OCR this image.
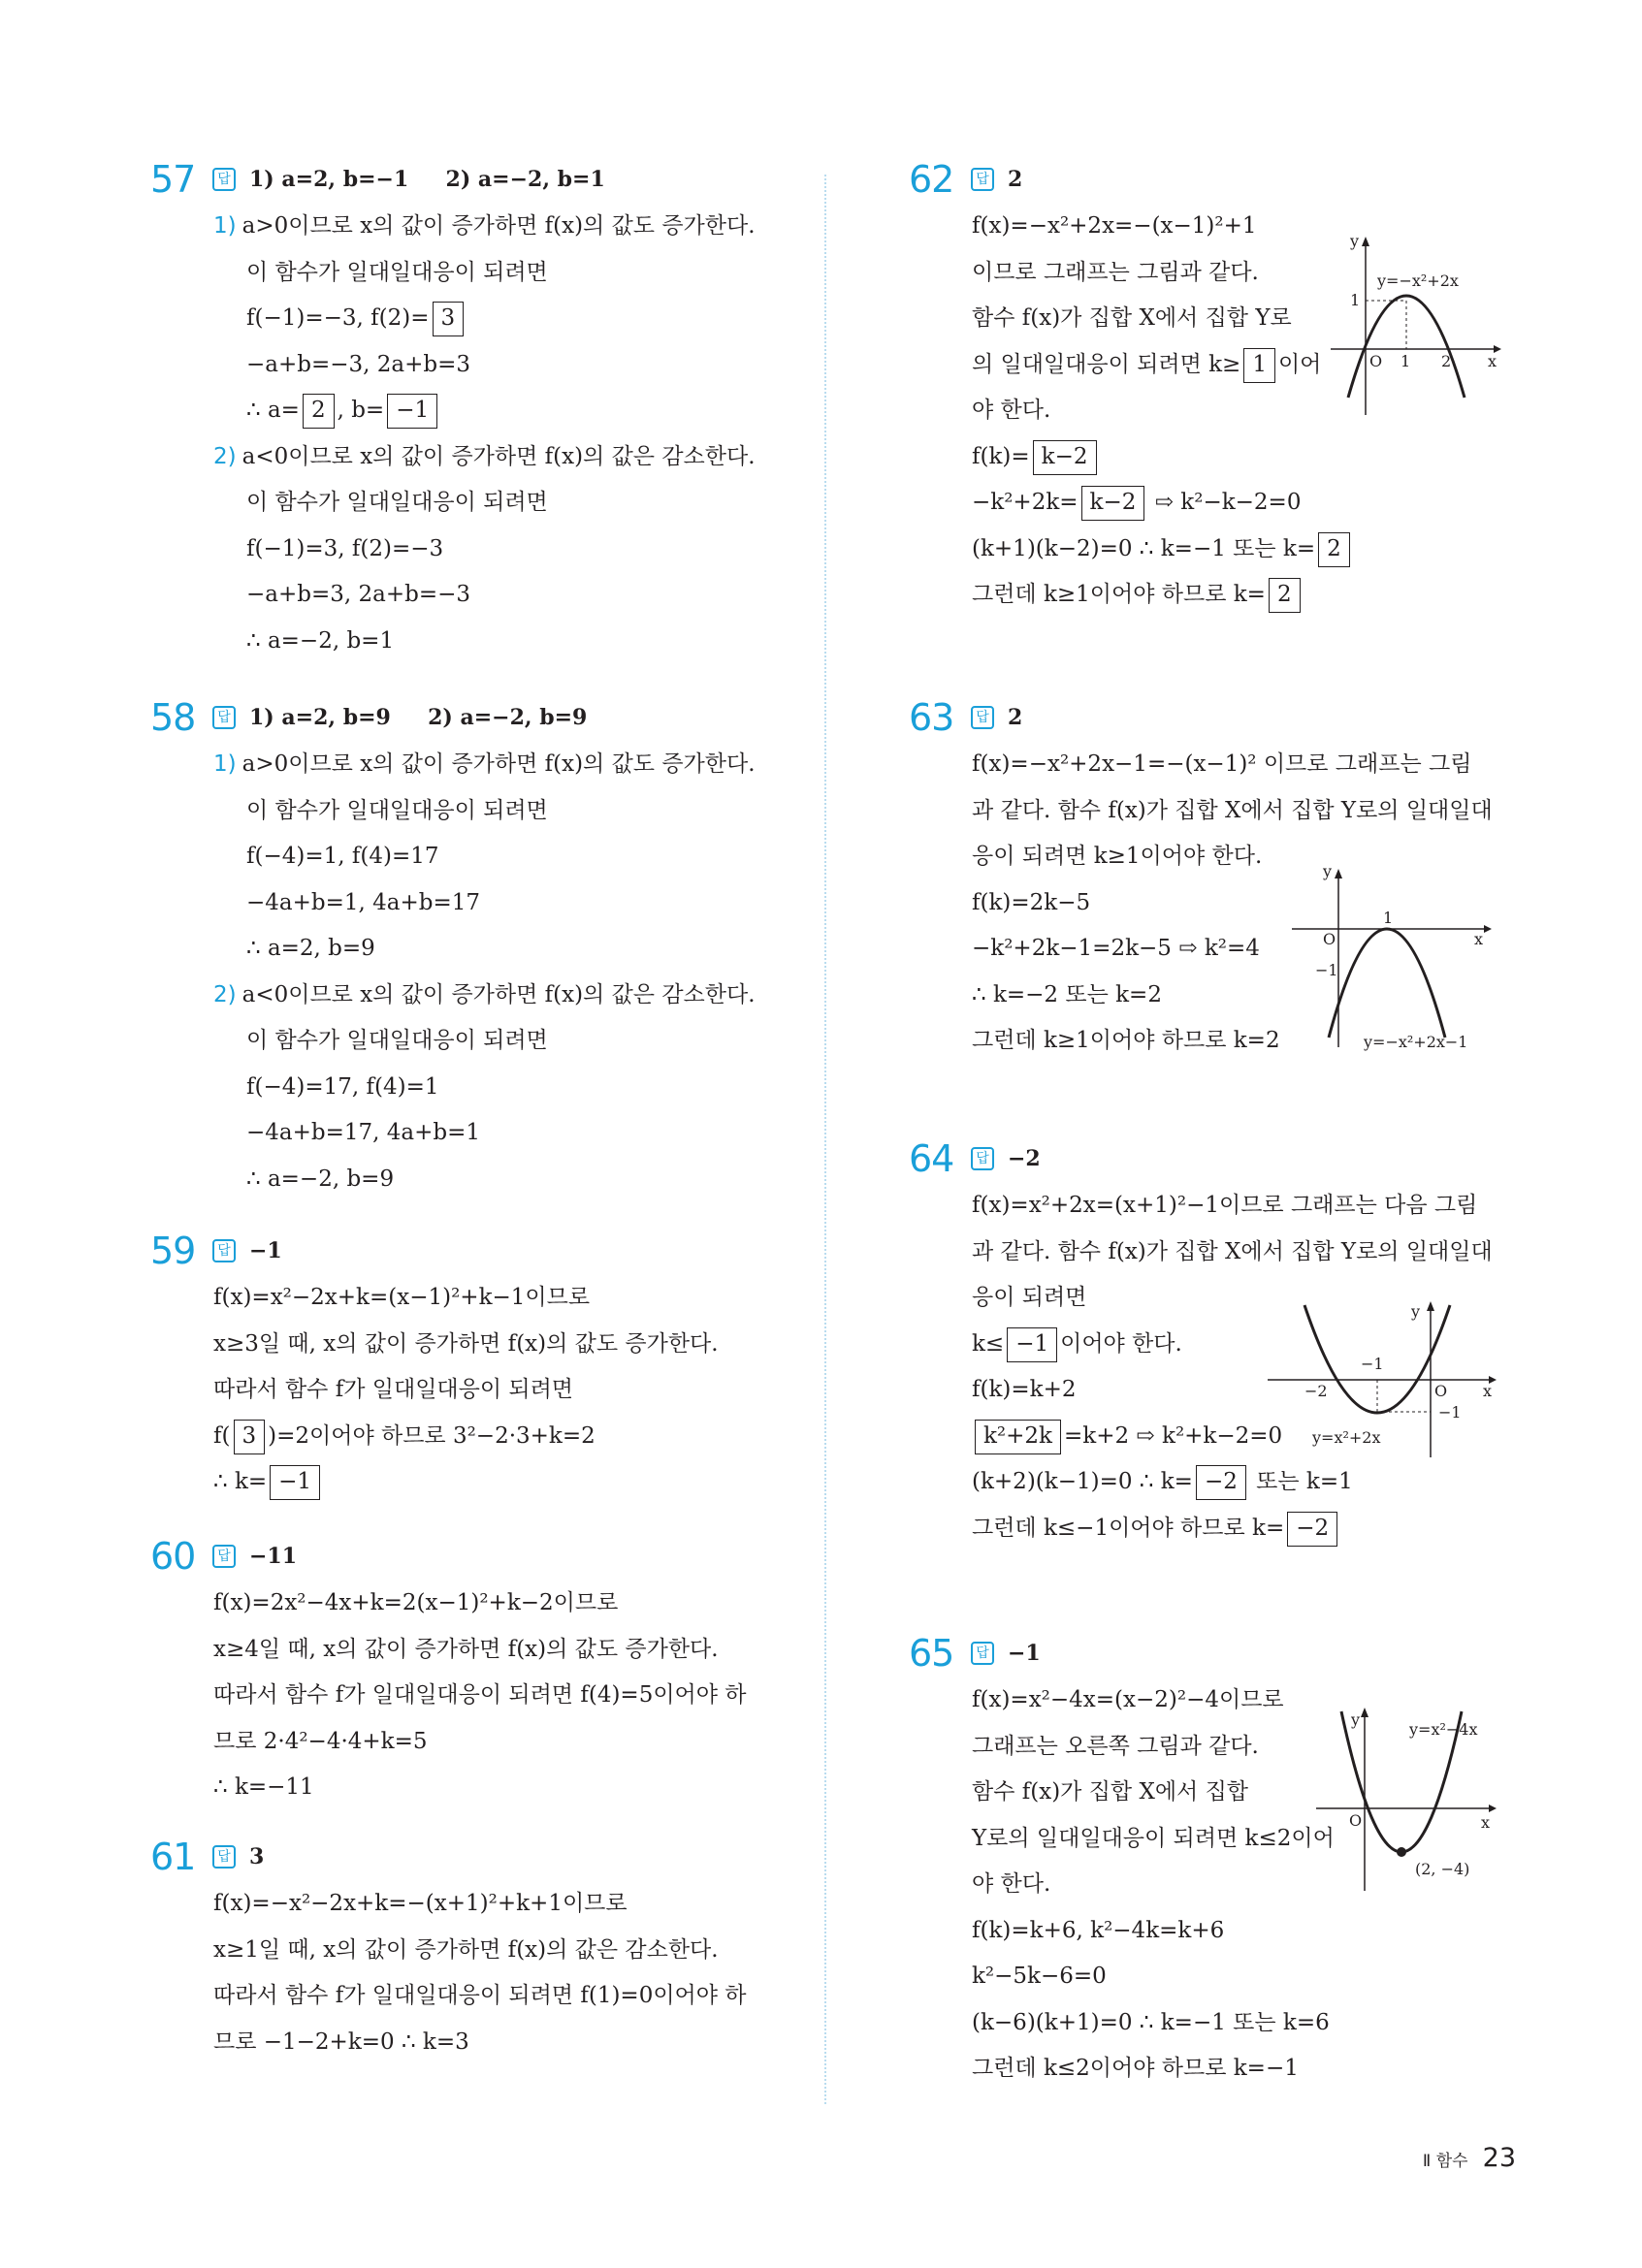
57	답 1) a=2, b=−1     2) a=−2, b=1
1) a>0이므로 x의 값이 증가하면 f(x)의 값도 증가한다.
이 함수가 일대일대응이 되려면
f(−1)=−3, f(2)= 3
−a+b=−3, 2a+b=3
∴ a= 2 , b= −1
2) a<0이므로 x의 값이 증가하면 f(x)의 값은 감소한다.
이 함수가 일대일대응이 되려면
f(−1)=3, f(2)=−3
−a+b=3, 2a+b=−3
∴ a=−2, b=1
58	답 1) a=2, b=9     2) a=−2, b=9
1) a>0이므로 x의 값이 증가하면 f(x)의 값도 증가한다.
이 함수가 일대일대응이 되려면
f(−4)=1, f(4)=17
−4a+b=1, 4a+b=17
∴ a=2, b=9
2) a<0이므로 x의 값이 증가하면 f(x)의 값은 감소한다.
이 함수가 일대일대응이 되려면
f(−4)=17, f(4)=1
−4a+b=17, 4a+b=1
∴ a=−2, b=9
59	답 −1
f(x)=x²−2x+k=(x−1)²+k−1이므로
x≥3일 때, x의 값이 증가하면 f(x)의 값도 증가한다.
따라서 함수 f가 일대일대응이 되려면
f( 3 )=2이어야 하므로 3²−2·3+k=2
∴ k= −1
60	답 −11
f(x)=2x²−4x+k=2(x−1)²+k−2이므로
x≥4일 때, x의 값이 증가하면 f(x)의 값도 증가한다.
따라서 함수 f가 일대일대응이 되려면 f(4)=5이어야 하
므로 2·4²−4·4+k=5
∴ k=−11
61	답 3
f(x)=−x²−2x+k=−(x+1)²+k+1이므로
x≥1일 때, x의 값이 증가하면 f(x)의 값은 감소한다.
따라서 함수 f가 일대일대응이 되려면 f(1)=0이어야 하
므로 −1−2+k=0 ∴ k=3
62	답 2
f(x)=−x²+2x=−(x−1)²+1
이므로 그래프는 그림과 같다.
함수 f(x)가 집합 X에서 집합 Y로
의 일대일대응이 되려면 k≥ 1 이어
야 한다.
f(k)= k−2
−k²+2k= k−2 ⇨ k²−k−2=0
(k+1)(k−2)=0 ∴ k=−1 또는 k= 2
그런데 k≥1이어야 하므로 k= 2
63	답 2
f(x)=−x²+2x−1=−(x−1)² 이므로 그래프는 그림
과 같다. 함수 f(x)가 집합 X에서 집합 Y로의 일대일대
응이 되려면 k≥1이어야 한다.
f(k)=2k−5
−k²+2k−1=2k−5 ⇨ k²=4
∴ k=−2 또는 k=2
그런데 k≥1이어야 하므로 k=2
64	답 −2
f(x)=x²+2x=(x+1)²−1이므로 그래프는 다음 그림
과 같다. 함수 f(x)가 집합 X에서 집합 Y로의 일대일대
응이 되려면
k≤ −1 이어야 한다.
f(k)=k+2
k²+2k =k+2 ⇨ k²+k−2=0
(k+2)(k−1)=0 ∴ k= −2 또는 k=1
그런데 k≤−1이어야 하므로 k= −2
65	답 −1
f(x)=x²−4x=(x−2)²−4이므로
그래프는 오른쪽 그림과 같다.
함수 f(x)가 집합 X에서 집합
Y로의 일대일대응이 되려면 k≤2이어
야 한다.
f(k)=k+6, k²−4k=k+6
k²−5k−6=0
(k−6)(k+1)=0 ∴ k=−1 또는 k=6
그런데 k≤2이어야 하므로 k=−1
y
x
O 1 2
1
y=−x²+2x
y
x
O
1
−1
y=−x²+2x−1
y
x
O
−1
−2
−1
y=x²+2x
y
x
O
(2, −4)
y=x²−4x
Ⅱ 함수 23
